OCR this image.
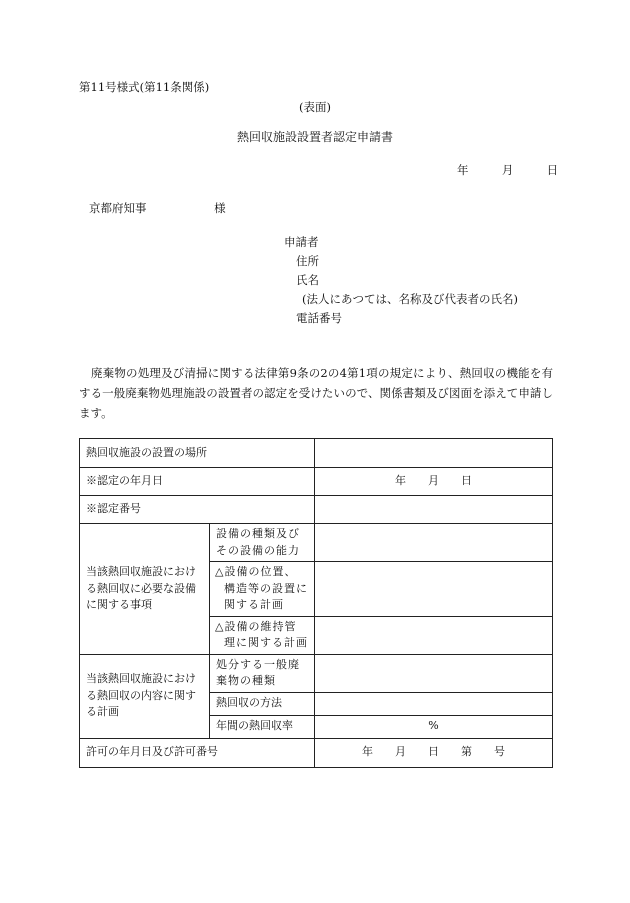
第11号様式(第11条関係)
(表面)
熱回収施設設置者認定申請書
年	月	日
京都府知事	様
申請者
住所
氏名
(法人にあつては、名称及び代表者の氏名)
電話番号
廃棄物の処理及び清掃に関する法律第9条の2の4第1項の規定により、熱回収の機能を有する一般廃棄物処理施設の設置者の認定を受けたいので、関係書類及び図面を添えて申請します。
熱回収施設の設置の場所		
※認定の年月日		年 月 日
※認定番号		
当該熱回収施設における熱回収に必要な設備に関する事項	設備の種類及びその設備の能力	
	△設備の位置、構造等の設置に関する計画	
	△設備の維持管理に関する計画	
当該熱回収施設における熱回収の内容に関する計画	処分する一般廃棄物の種類	
	熱回収の方法	
	年間の熱回収率	%
許可の年月日及び許可番号		年 月 日 第 号
